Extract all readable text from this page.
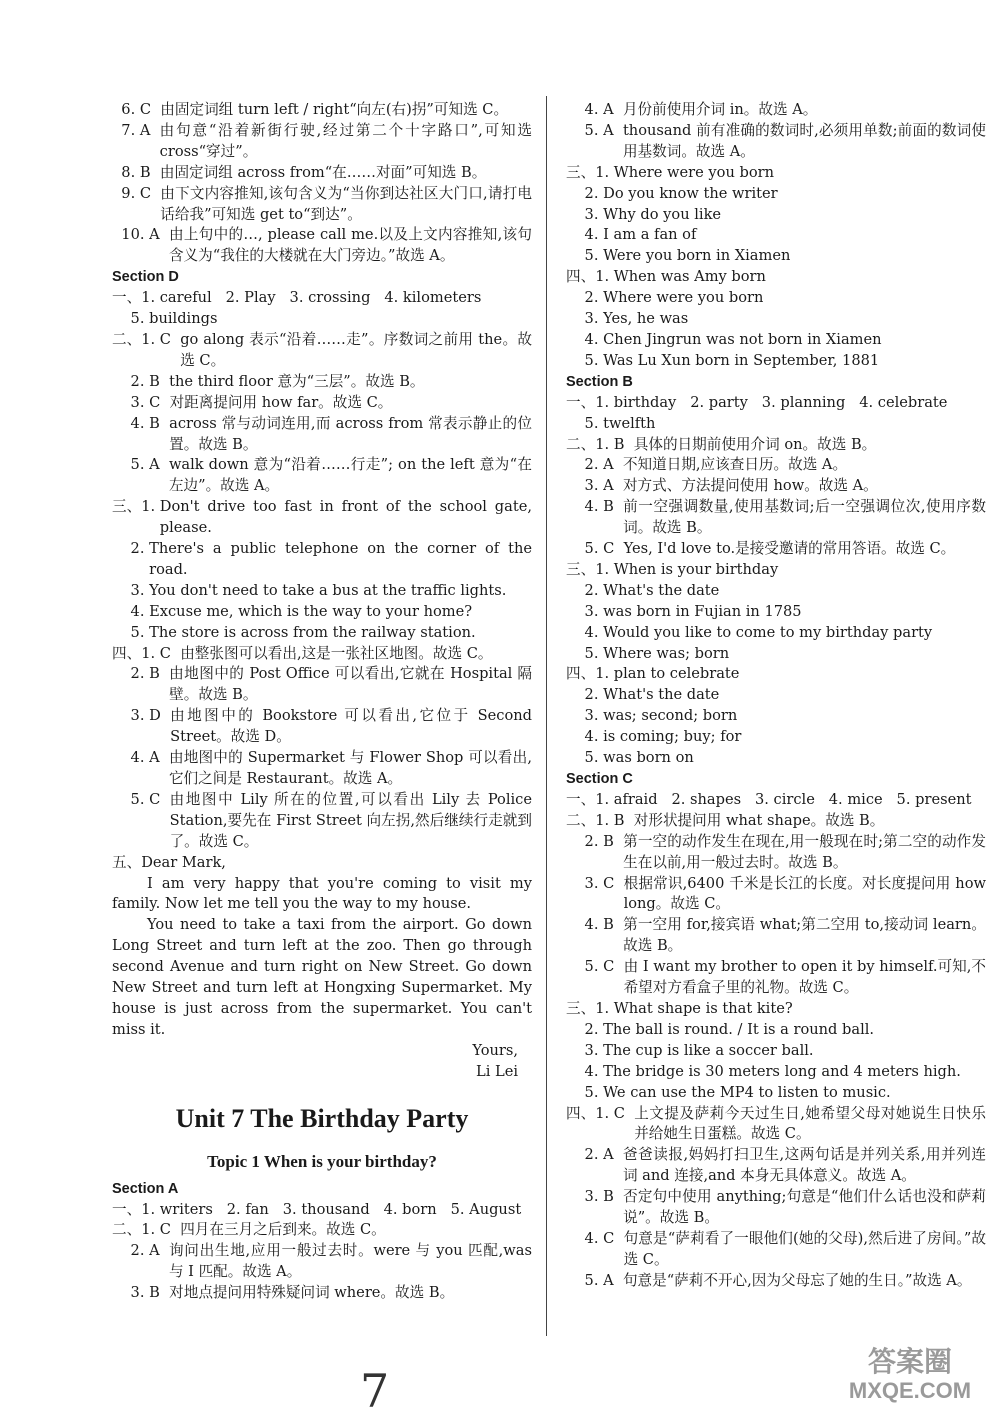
6. C 由固定词组 turn left / right“向左(右)拐”可知选 C。
7. A 由句意“沿着新街行驶,经过第二个十字路口”,可知选 cross“穿过”。
8. B 由固定词组 across from“在……对面”可知选 B。
9. C 由下文内容推知,该句含义为“当你到达社区大门口,请打电话给我”可知选 get to“到达”。
10. A 由上句中的…, please call me.以及上文内容推知,该句含义为“我住的大楼就在大门旁边。”故选 A。
Section D
一、1. careful   2. Play   3. crossing   4. kilometers
5. buildings
二、1. C go along 表示“沿着……走”。序数词之前用 the。故选 C。
2. B the third floor 意为“三层”。故选 B。
3. C 对距离提问用 how far。故选 C。
4. B across 常与动词连用,而 across from 常表示静止的位置。故选 B。
5. A walk down 意为“沿着……行走”; on the left 意为“在左边”。故选 A。
三、1. Don't drive too fast in front of the school gate, please.
2. There's a public telephone on the corner of the road.
3. You don't need to take a bus at the traffic lights.
4. Excuse me, which is the way to your home?
5. The store is across from the railway station.
四、1. C 由整张图可以看出,这是一张社区地图。故选 C。
2. B 由地图中的 Post Office 可以看出,它就在 Hospital 隔壁。故选 B。
3. D 由地图中的 Bookstore 可以看出,它位于 Second Street。故选 D。
4. A 由地图中的 Supermarket 与 Flower Shop 可以看出,它们之间是 Restaurant。故选 A。
5. C 由地图中 Lily 所在的位置,可以看出 Lily 去 Police Station,要先在 First Street 向左拐,然后继续行走就到了。故选 C。
五、Dear Mark,

I am very happy that you're coming to visit my family. Now let me tell you the way to my house.

You need to take a taxi from the airport. Go down Long Street and turn left at the zoo. Then go through second Avenue and turn right on New Street. Go down New Street and turn left at Hongxing Supermarket. My house is just across from the supermarket. You can't miss it.

Yours,
Li Lei
Unit 7 The Birthday Party
Topic 1 When is your birthday?
Section A
一、1. writers   2. fan   3. thousand   4. born   5. August
二、1. C 四月在三月之后到来。故选 C。
2. A 询问出生地,应用一般过去时。were 与 you 匹配,was 与 I 匹配。故选 A。
3. B 对地点提问用特殊疑问词 where。故选 B。
4. A 月份前使用介词 in。故选 A。
5. A thousand 前有准确的数词时,必须用单数;前面的数词使用基数词。故选 A。
三、1. Where were you born
2. Do you know the writer
3. Why do you like
4. I am a fan of
5. Were you born in Xiamen
四、1. When was Amy born
2. Where were you born
3. Yes, he was
4. Chen Jingrun was not born in Xiamen
5. Was Lu Xun born in September, 1881
Section B
一、1. birthday   2. party   3. planning   4. celebrate
5. twelfth
二、1. B 具体的日期前使用介词 on。故选 B。
2. A 不知道日期,应该查日历。故选 A。
3. A 对方式、方法提问使用 how。故选 A。
4. B 前一空强调数量,使用基数词;后一空强调位次,使用序数词。故选 B。
5. C Yes, I'd love to.是接受邀请的常用答语。故选 C。
三、1. When is your birthday
2. What's the date
3. was born in Fujian in 1785
4. Would you like to come to my birthday party
5. Where was; born
四、1. plan to celebrate
2. What's the date
3. was; second; born
4. is coming; buy; for
5. was born on
Section C
一、1. afraid   2. shapes   3. circle   4. mice   5. present
二、1. B 对形状提问用 what shape。故选 B。
2. B 第一空的动作发生在现在,用一般现在时;第二空的动作发生在以前,用一般过去时。故选 B。
3. C 根据常识,6400 千米是长江的长度。对长度提问用 how long。故选 C。
4. B 第一空用 for,接宾语 what;第二空用 to,接动词 learn。故选 B。
5. C 由 I want my brother to open it by himself.可知,不希望对方看盒子里的礼物。故选 C。
三、1. What shape is that kite?
2. The ball is round. / It is a round ball.
3. The cup is like a soccer ball.
4. The bridge is 30 meters long and 4 meters high.
5. We can use the MP4 to listen to music.
四、1. C 上文提及萨莉今天过生日,她希望父母对她说生日快乐并给她生日蛋糕。故选 C。
2. A 爸爸读报,妈妈打扫卫生,这两句话是并列关系,用并列连词 and 连接,and 本身无具体意义。故选 A。
3. B 否定句中使用 anything;句意是“他们什么话也没和萨莉说”。故选 B。
4. C 句意是“萨莉看了一眼他们(她的父母),然后进了房间。”故选 C。
5. A 句意是“萨莉不开心,因为父母忘了她的生日。”故选 A。
7
答案圈
MXQE.COM
